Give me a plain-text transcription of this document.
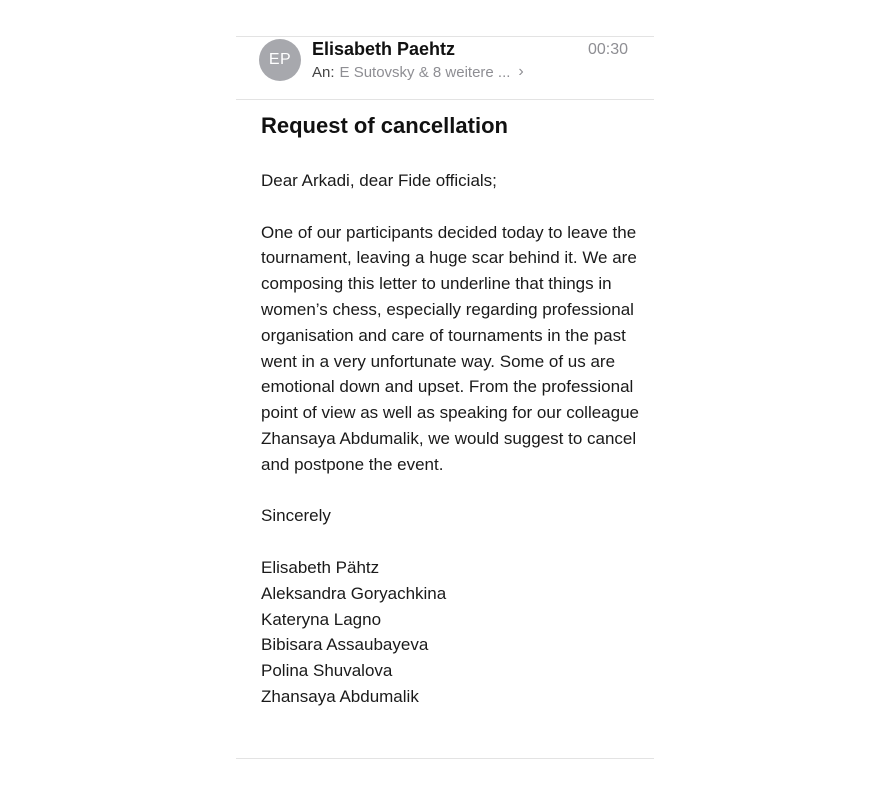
EP
Elisabeth Paehtz	00:30
An: E Sutovsky & 8 weitere ... ›
Request of cancellation

Dear Arkadi, dear Fide officials;

One of our participants decided today to leave the tournament, leaving a huge scar behind it. We are composing this letter to underline that things in women’s chess, especially regarding professional organisation and care of tournaments in the past went in a very unfortunate way. Some of us are emotional down and upset. From the professional point of view as well as speaking for our colleague Zhansaya Abdumalik, we would suggest to cancel and postpone the event.

Sincerely

Elisabeth Pähtz
Aleksandra Goryachkina
Kateryna Lagno
Bibisara Assaubayeva
Polina Shuvalova
Zhansaya Abdumalik
